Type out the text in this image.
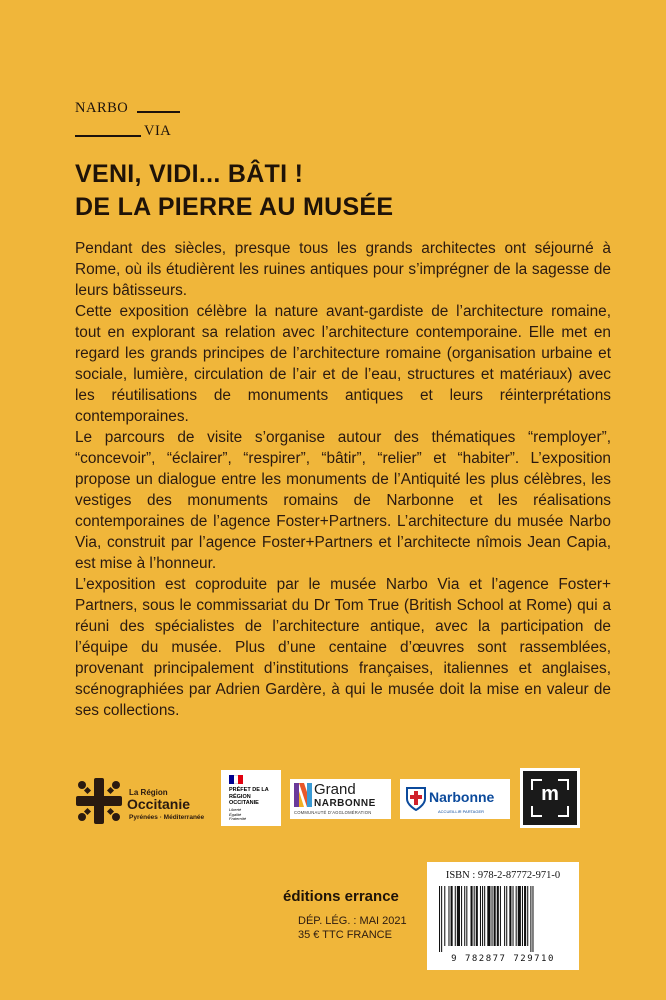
NARBO
VIA
VENI, VIDI... BÂTI !
DE LA PIERRE AU MUSÉE

Pendant des siècles, presque tous les grands architectes ont séjourné à Rome, où ils étudièrent les ruines antiques pour s’imprégner de la sagesse de leurs bâtisseurs.

Cette exposition célèbre la nature avant-gardiste de l’architecture romaine, tout en explorant sa relation avec l’architecture contemporaine. Elle met en regard les grands principes de l’architecture romaine (organisation urbaine et sociale, lumière, circulation de l’air et de l’eau, structures et matériaux) avec les réutilisations de monuments antiques et leurs réinterprétations contemporaines.

Le parcours de visite s’organise autour des thématiques “remployer”, “concevoir”, “éclairer”, “respirer”, “bâtir”, “relier” et “habiter”. L’exposition propose un dialogue entre les monuments de l’Antiquité les plus célèbres, les vestiges des monuments romains de Narbonne et les réalisations contemporaines de l’agence Foster+Partners. L’architecture du musée Narbo Via, construit par l’agence Foster+Partners et l’architecte nîmois Jean Capia, est mise à l’honneur.

L’exposition est coproduite par le musée Narbo Via et l’agence Foster+ Partners, sous le commissariat du Dr Tom True (British School at Rome) qui a réuni des spécialistes de l’architecture antique, avec la participation de l’équipe du musée. Plus d’une centaine d’œuvres sont rassemblées, provenant principalement d’institutions françaises, italiennes et anglaises, scénographiées par Adrien Gardère, à qui le musée doit la mise en valeur de ses collections.

La Région
Occitanie
Pyrénées · Méditerranée
PRÉFET DE LA RÉGION OCCITANIE
Liberté Égalité Fraternité
Grand
NARBONNE
COMMUNAUTÉ D’AGGLOMÉRATION
Narbonne
ACCUEILLIR PARTAGER
m
éditions errance
DÉP. LÉG. : MAI 2021
35 € TTC FRANCE
ISBN : 978-2-87772-971-0
9 782877 729710
